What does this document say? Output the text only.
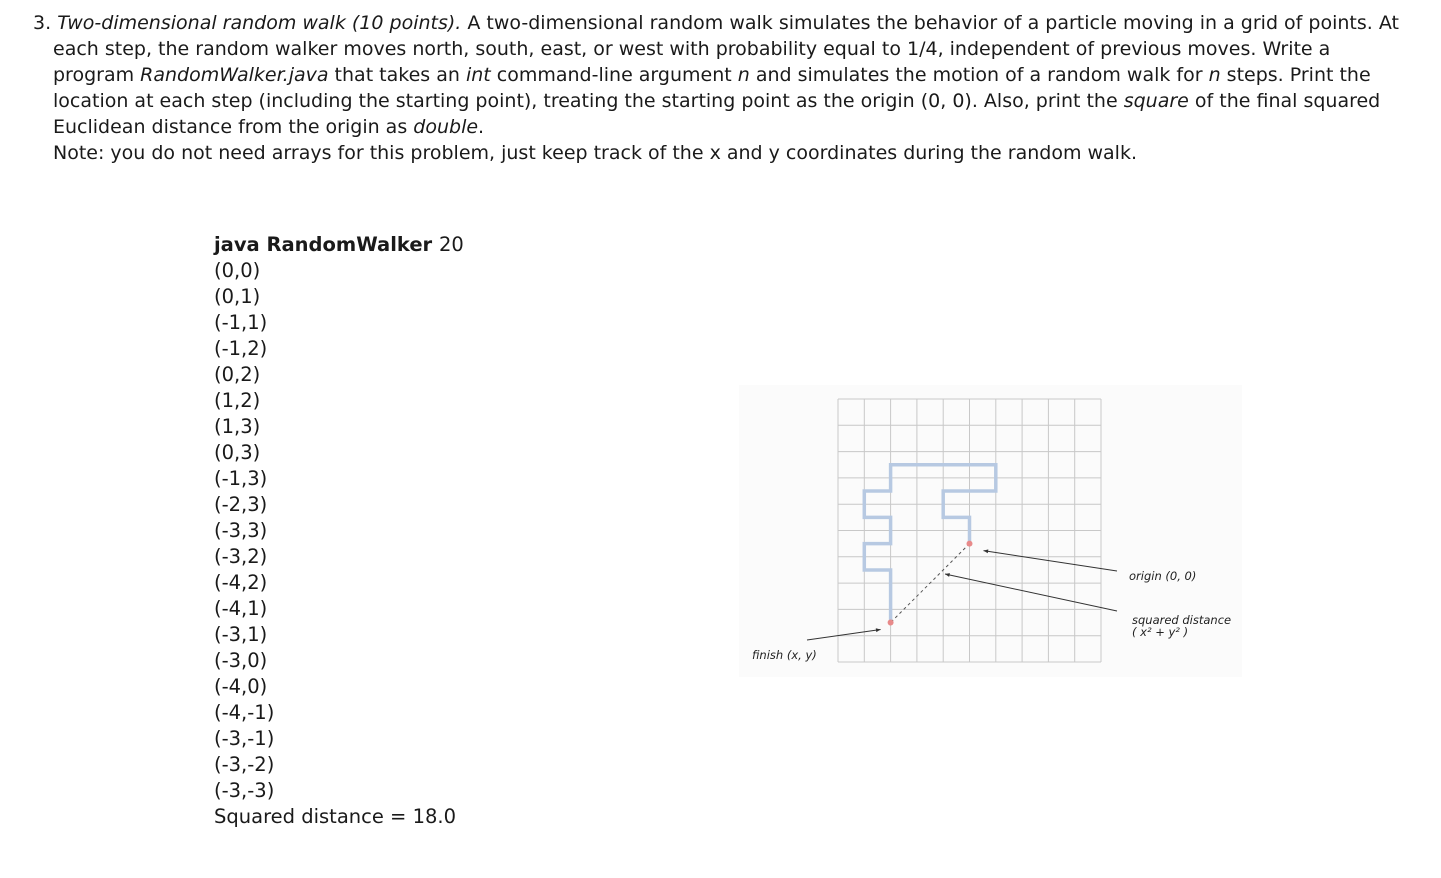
3. Two-dimensional random walk (10 points). A two-dimensional random walk simulates the behavior of a particle moving in a grid of points. At each step, the random walker moves north, south, east, or west with probability equal to 1/4, independent of previous moves. Write a program RandomWalker.java that takes an int command-line argument n and simulates the motion of a random walk for n steps. Print the location at each step (including the starting point), treating the starting point as the origin (0, 0). Also, print the square of the final squared Euclidean distance from the origin as double.

Note: you do not need arrays for this problem, just keep track of the x and y coordinates during the random walk.

java RandomWalker 20
(0,0)
(0,1)
(-1,1)
(-1,2)
(0,2)
(1,2)
(1,3)
(0,3)
(-1,3)
(-2,3)
(-3,3)
(-3,2)
(-4,2)
(-4,1)
(-3,1)
(-3,0)
(-4,0)
(-4,-1)
(-3,-1)
(-3,-2)
(-3,-3)
Squared distance = 18.0
origin (0, 0)
squared distance
( x² + y² )
finish (x, y)
